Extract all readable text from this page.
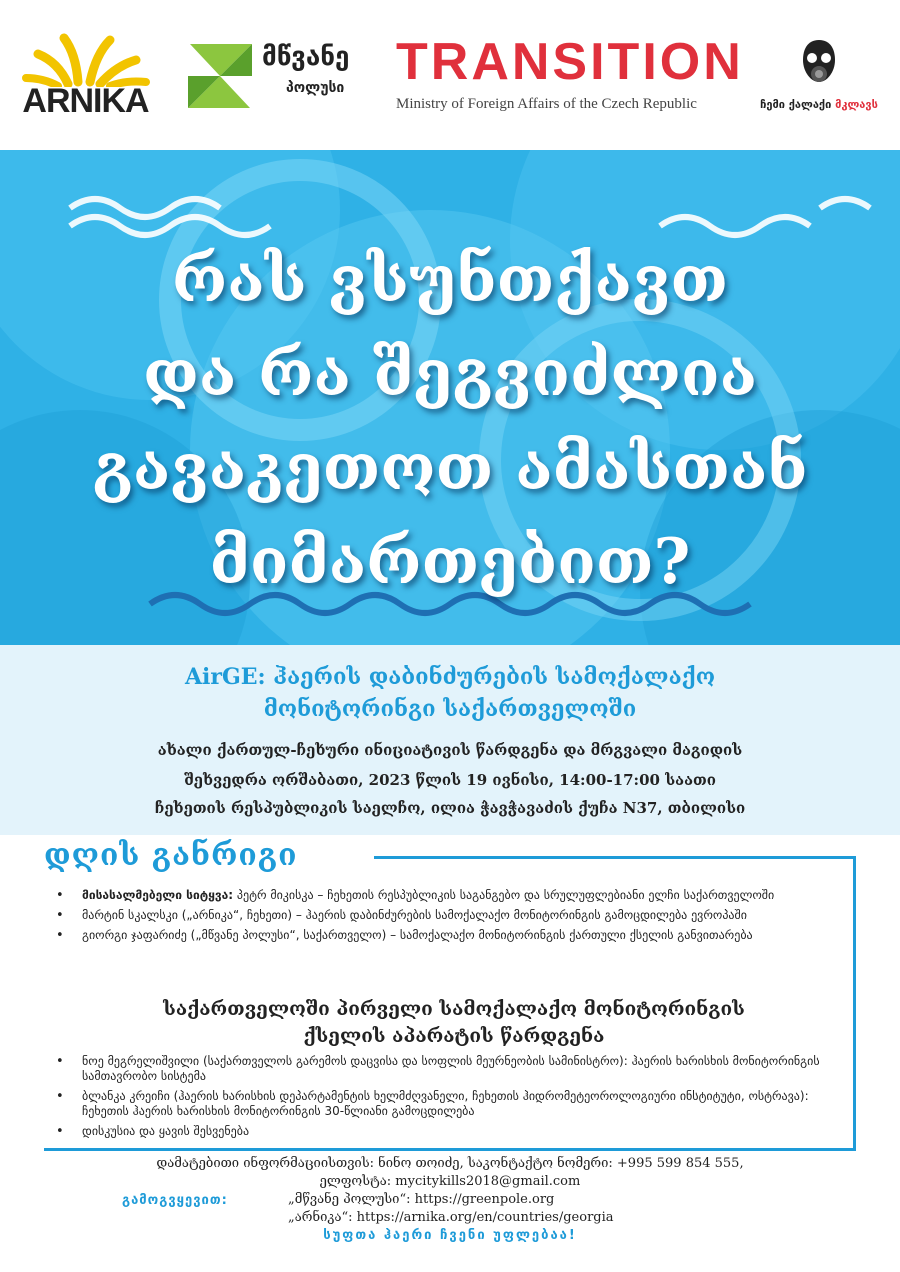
ARNIKA
მწვანე
პოლუსი TRANSITION
Ministry of Foreign Affairs of the Czech Republic	ჩემი ქალაქი მკლავს
რას ვსუნთქავთ
და რა შეგვიძლია
გავაკეთოთ ამასთან
მიმართებით?
AirGE: ჰაერის დაბინძურების სამოქალაქო
მონიტორინგი საქართველოში
ახალი ქართულ-ჩეხური ინიციატივის წარდგენა და მრგვალი მაგიდის
შეხვედრა ორშაბათი, 2023 წლის 19 ივნისი, 14:00-17:00 საათი
ჩეხეთის რესპუბლიკის საელჩო, ილია ჭავჭავაძის ქუჩა N37, თბილისი
დღის განრიგი
• მისასალმებელი სიტყვა: პეტრ მიკისკა – ჩეხეთის რესპუბლიკის საგანგებო და სრულუფლებიანი ელჩი საქართველოში
• მარტინ სკალსკი („არნიკა“, ჩეხეთი) – ჰაერის დაბინძურების სამოქალაქო მონიტორინგის გამოცდილება ევროპაში
• გიორგი ჯაფარიძე („მწვანე პოლუსი“, საქართველო) – სამოქალაქო მონიტორინგის ქართული ქსელის განვითარება
საქართველოში პირველი სამოქალაქო მონიტორინგის
ქსელის აპარატის წარდგენა
• ნოე მეგრელიშვილი (საქართველოს გარემოს დაცვისა და სოფლის მეურნეობის სამინისტრო): ჰაერის ხარისხის მონიტორინგის სამთავრობო სისტემა
• ბლანკა კრეიჩი (ჰაერის ხარისხის დეპარტამენტის ხელმძღვანელი, ჩეხეთის ჰიდრომეტეოროლოგიური ინსტიტუტი, ოსტრავა): ჩეხეთის ჰაერის ხარისხის მონიტორინგის 30-წლიანი გამოცდილება
• დისკუსია და ყავის შესვენება
დამატებითი ინფორმაციისთვის: ნინო თოიძე, საკონტაქტო ნომერი: +995 599 854 555,
ელფოსტა: mycitykills2018@gmail.com
გამოგვყევით:	„მწვანე პოლუსი“: https://greenpole.org
„არნიკა“: https://arnika.org/en/countries/georgia
სუფთა ჰაერი ჩვენი უფლებაა!
